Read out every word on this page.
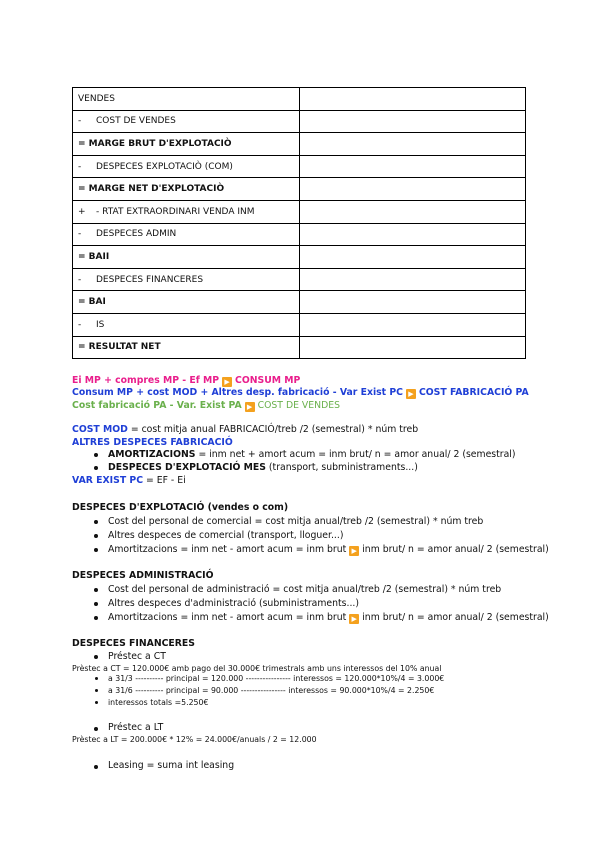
VENDES	
- COST DE VENDES	
= MARGE BRUT D'EXPLOTACIÒ	
- DESPECES EXPLOTACIÒ (COM)	
= MARGE NET D'EXPLOTACIÒ	
+ - RTAT EXTRAORDINARI VENDA INM	
- DESPECES ADMIN	
= BAII	
- DESPECES FINANCERES	
= BAI	
- IS	
= RESULTAT NET	
Ei MP + compres MP - Ef MP ▶ CONSUM MP
Consum MP + cost MOD + Altres desp. fabricació - Var Exist PC ▶ COST FABRICACIÓ PA
Cost fabricació PA - Var. Exist PA ▶ COST DE VENDES
COST MOD = cost mitja anual FABRICACIÓ/treb /2 (semestral) * núm treb
ALTRES DESPECES FABRICACIÓ
AMORTIZACIONS = inm net + amort acum = inm brut/ n = amor anual/ 2 (semestral)
DESPECES D'EXPLOTACIÓ MES (transport, subministraments...)
VAR EXIST PC = EF - Ei
DESPECES D'EXPLOTACIÓ (vendes o com)
Cost del personal de comercial = cost mitja anual/treb /2 (semestral) * núm treb
Altres despeces de comercial (transport, lloguer...)
Amortitzacions = inm net - amort acum = inm brut ▶ inm brut/ n = amor anual/ 2 (semestral)
DESPECES ADMINISTRACIÓ
Cost del personal de administració = cost mitja anual/treb /2 (semestral) * núm treb
Altres despeces d'administració (subministraments...)
Amortitzacions = inm net - amort acum = inm brut ▶ inm brut/ n = amor anual/ 2 (semestral)
DESPECES FINANCERES
Préstec a CT
Prèstec a CT = 120.000€ amb pago del 30.000€ trimestrals amb uns interessos del 10% anual
a 31/3 ---------- principal = 120.000 ---------------- interessos = 120.000*10%/4 = 3.000€
a 31/6 ---------- principal = 90.000 ---------------- interessos = 90.000*10%/4 = 2.250€
interessos totals =5.250€
Préstec a LT
Prèstec a LT = 200.000€ * 12% = 24.000€/anuals / 2 = 12.000
Leasing = suma int leasing
